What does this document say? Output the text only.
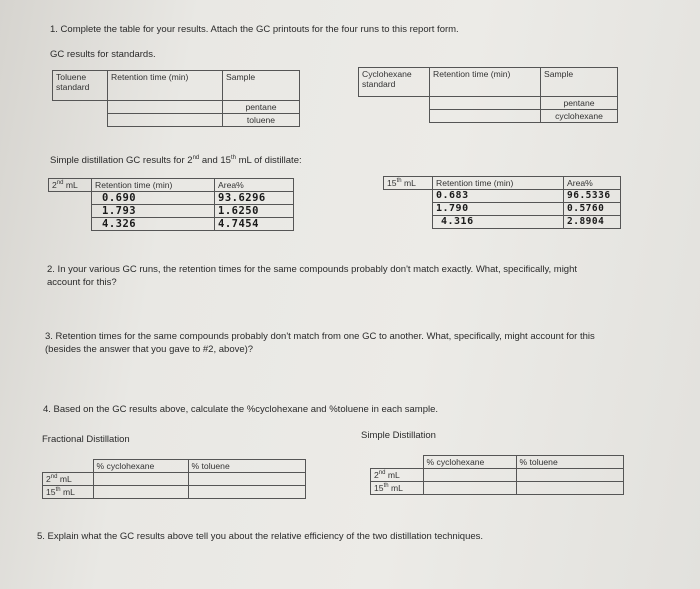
1. Complete the table for your results. Attach the GC printouts for the four runs to this report form.
GC results for standards.
Toluene
standard	Retention time (min)	Sample
		pentane
		toluene
Cyclohexane
standard	Retention time (min)	Sample
		pentane
		cyclohexane
Simple distillation GC results for 2nd and 15th mL of distillate:
2nd mL	Retention time (min)	Area%
	0.690	93.6296
	1.793	1.6250
	4.326	4.7454
15th mL	Retention time (min)	Area%
	0.683	96.5336
	1.790	0.5760
	4.316	2.8904
2. In your various GC runs, the retention times for the same compounds probably don't match exactly. What, specifically, might account for this?
3. Retention times for the same compounds probably don't match from one GC to another. What, specifically, might account for this (besides the answer that you gave to #2, above)?
4. Based on the GC results above, calculate the %cyclohexane and %toluene in each sample.
Fractional Distillation	Simple Distillation
	% cyclohexane	% toluene
2nd mL		
15th mL		
	% cyclohexane	% toluene
2nd mL		
15th mL		
5. Explain what the GC results above tell you about the relative efficiency of the two distillation techniques.
